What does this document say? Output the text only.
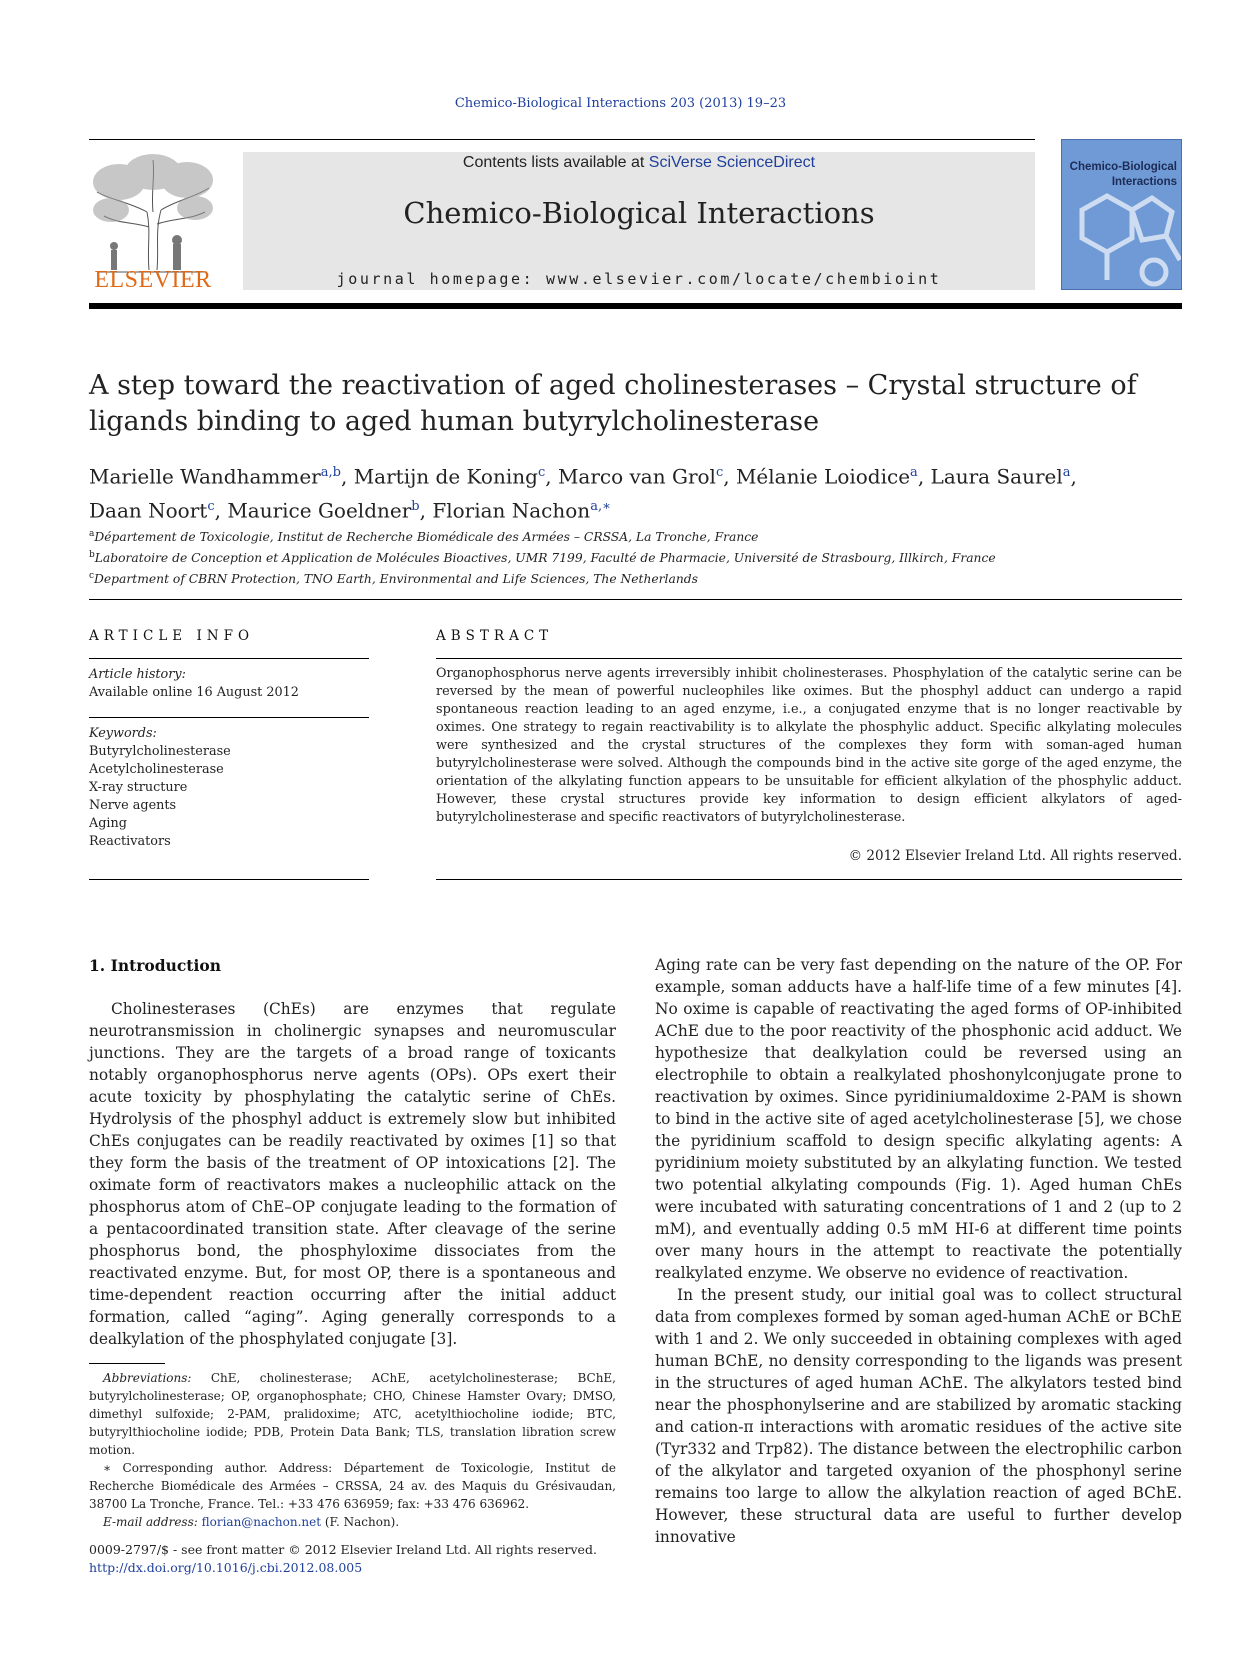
Chemico-Biological Interactions 203 (2013) 19–23
ELSEVIER
Contents lists available at SciVerse ScienceDirect
Chemico-Biological Interactions
journal homepage: www.elsevier.com/locate/chembioint
Chemico-Biological
Interactions
A step toward the reactivation of aged cholinesterases – Crystal structure of
ligands binding to aged human butyrylcholinesterase
Marielle Wandhammer$^{a,b}$, Martijn de Koning$^c$, Marco van Grol$^c$, Mélanie Loiodice$^a$, Laura Saurel$^a$,
Daan Noort$^c$, Maurice Goeldner$^b$, Florian Nachon$^{a,∗}$
$^a$Département de Toxicologie, Institut de Recherche Biomédicale des Armées – CRSSA, La Tronche, France
$^b$Laboratoire de Conception et Application de Molécules Bioactives, UMR 7199, Faculté de Pharmacie, Université de Strasbourg, Illkirch, France
$^c$Department of CBRN Protection, TNO Earth, Environmental and Life Sciences, The Netherlands
ARTICLE INFO
Article history:
Available online 16 August 2012
Keywords:
Butyrylcholinesterase
Acetylcholinesterase
X-ray structure
Nerve agents
Aging
Reactivators
ABSTRACT
Organophosphorus nerve agents irreversibly inhibit cholinesterases. Phosphylation of the catalytic serine can be reversed by the mean of powerful nucleophiles like oximes. But the phosphyl adduct can undergo a rapid spontaneous reaction leading to an aged enzyme, i.e., a conjugated enzyme that is no longer reactivable by oximes. One strategy to regain reactivability is to alkylate the phosphylic adduct. Specific alkylating molecules were synthesized and the crystal structures of the complexes they form with soman-aged human butyrylcholinesterase were solved. Although the compounds bind in the active site gorge of the aged enzyme, the orientation of the alkylating function appears to be unsuitable for efficient alkylation of the phosphylic adduct. However, these crystal structures provide key information to design efficient alkylators of aged-butyrylcholinesterase and specific reactivators of butyrylcholinesterase.
© 2012 Elsevier Ireland Ltd. All rights reserved.
1. Introduction

Cholinesterases (ChEs) are enzymes that regulate neurotransmission in cholinergic synapses and neuromuscular junctions. They are the targets of a broad range of toxicants notably organophosphorus nerve agents (OPs). OPs exert their acute toxicity by phosphylating the catalytic serine of ChEs. Hydrolysis of the phosphyl adduct is extremely slow but inhibited ChEs conjugates can be readily reactivated by oximes [1] so that they form the basis of the treatment of OP intoxications [2]. The oximate form of reactivators makes a nucleophilic attack on the phosphorus atom of ChE–OP conjugate leading to the formation of a pentacoordinated transition state. After cleavage of the serine phosphorus bond, the phosphyloxime dissociates from the reactivated enzyme. But, for most OP, there is a spontaneous and time-dependent reaction occurring after the initial adduct formation, called “aging”. Aging generally corresponds to a dealkylation of the phosphylated conjugate [3].

Aging rate can be very fast depending on the nature of the OP. For example, soman adducts have a half-life time of a few minutes [4]. No oxime is capable of reactivating the aged forms of OP-inhibited AChE due to the poor reactivity of the phosphonic acid adduct. We hypothesize that dealkylation could be reversed using an electrophile to obtain a realkylated phoshonylconjugate prone to reactivation by oximes. Since pyridiniumaldoxime 2-PAM is shown to bind in the active site of aged acetylcholinesterase [5], we chose the pyridinium scaffold to design specific alkylating agents: A pyridinium moiety substituted by an alkylating function. We tested two potential alkylating compounds (Fig. 1). Aged human ChEs were incubated with saturating concentrations of 1 and 2 (up to 2 mM), and eventually adding 0.5 mM HI-6 at different time points over many hours in the attempt to reactivate the potentially realkylated enzyme. We observe no evidence of reactivation.

In the present study, our initial goal was to collect structural data from complexes formed by soman aged-human AChE or BChE with 1 and 2. We only succeeded in obtaining complexes with aged human BChE, no density corresponding to the ligands was present in the structures of aged human AChE. The alkylators tested bind near the phosphonylserine and are stabilized by aromatic stacking and cation-π interactions with aromatic residues of the active site (Tyr332 and Trp82). The distance between the electrophilic carbon of the alkylator and targeted oxyanion of the phosphonyl serine remains too large to allow the alkylation reaction of aged BChE. However, these structural data are useful to further develop innovative

Abbreviations: ChE, cholinesterase; AChE, acetylcholinesterase; BChE, butyrylcholinesterase; OP, organophosphate; CHO, Chinese Hamster Ovary; DMSO, dimethyl sulfoxide; 2-PAM, pralidoxime; ATC, acetylthiocholine iodide; BTC, butyrylthiocholine iodide; PDB, Protein Data Bank; TLS, translation libration screw motion.

∗ Corresponding author. Address: Département de Toxicologie, Institut de Recherche Biomédicale des Armées – CRSSA, 24 av. des Maquis du Grésivaudan, 38700 La Tronche, France. Tel.: +33 476 636959; fax: +33 476 636962.

E-mail address: florian@nachon.net (F. Nachon).

0009-2797/$ - see front matter © 2012 Elsevier Ireland Ltd. All rights reserved.
http://dx.doi.org/10.1016/j.cbi.2012.08.005
